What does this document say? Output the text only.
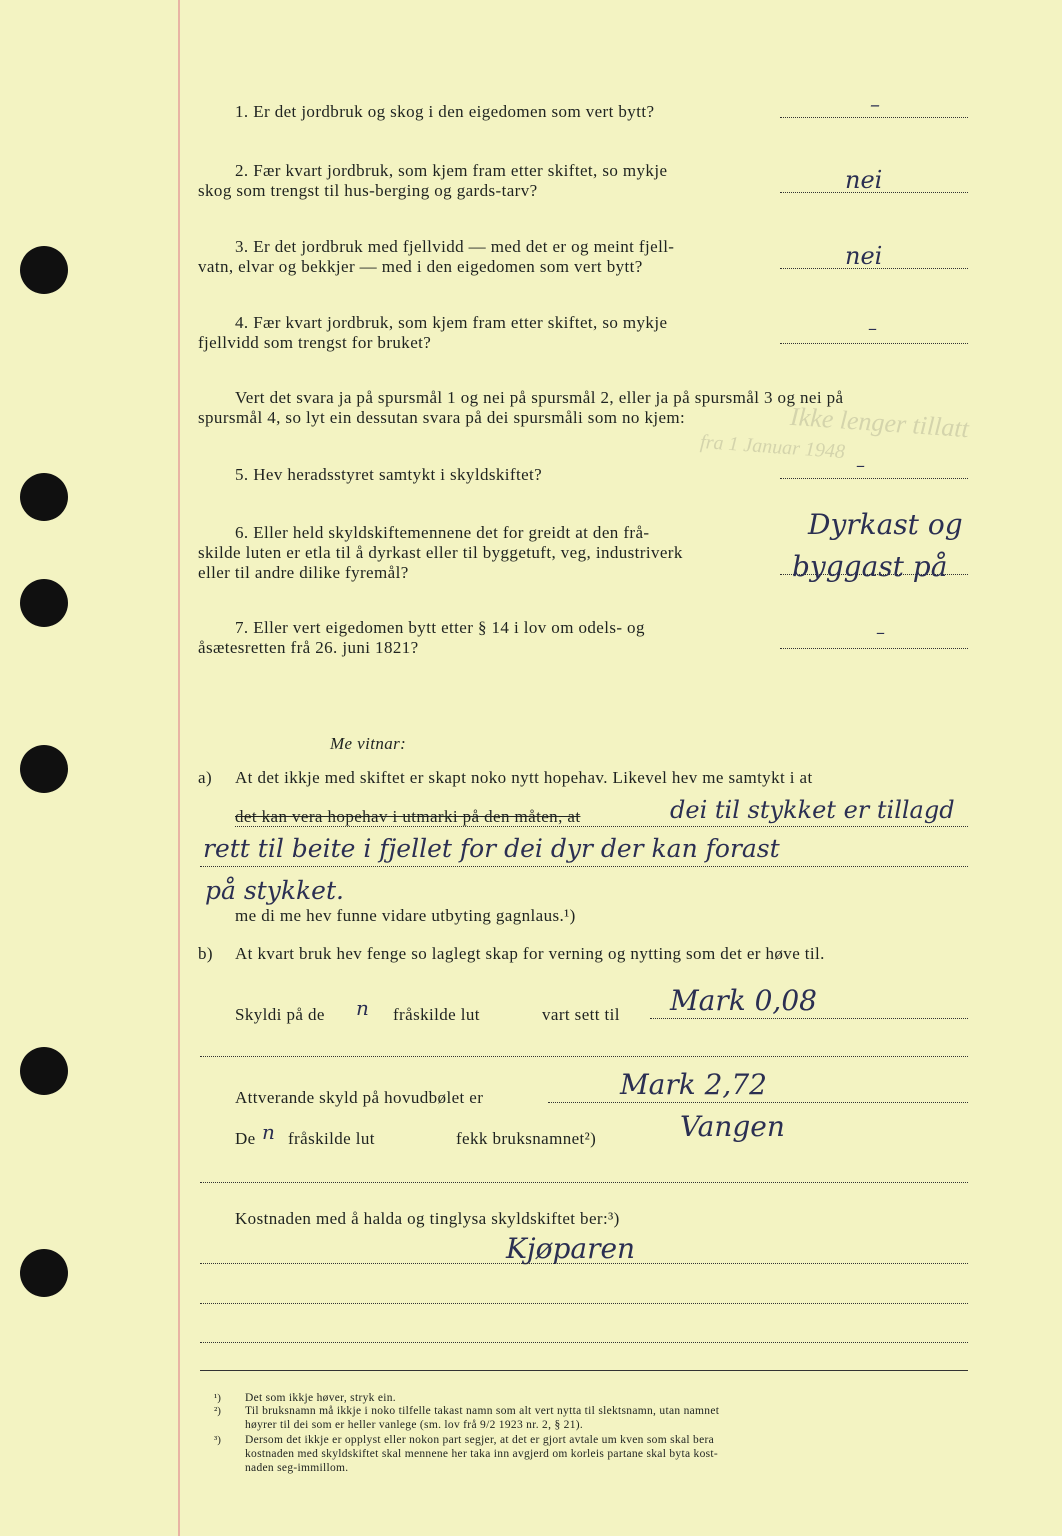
Ikke lenger tillatt
fra 1 Januar 1948
1. Er det jordbruk og skog i den eigedomen som vert bytt?	–
2. Fær kvart jordbruk, som kjem fram etter skiftet, so mykje
skog som trengst til hus-berging og gards-tarv?	nei
3. Er det jordbruk med fjellvidd — med det er og meint fjell-
vatn, elvar og bekkjer — med i den eigedomen som vert bytt?	nei
4. Fær kvart jordbruk, som kjem fram etter skiftet, so mykje
fjellvidd som trengst for bruket?
–
Vert det svara ja på spursmål 1 og nei på spursmål 2, eller ja på spursmål 3 og nei på
spursmål 4, so lyt ein dessutan svara på dei spursmåli som no kjem:
5. Hev heradsstyret samtykt i skyldskiftet?	–
6. Eller held skyldskiftemennene det for greidt at den frå-
skilde luten er etla til å dyrkast eller til byggetuft, veg, industriverk
eller til andre dilike fyremål?
Dyrkast og
byggast på
7. Eller vert eigedomen bytt etter § 14 i lov om odels- og
åsætesretten frå 26. juni 1821?
–
Me vitnar:
a) At det ikkje med skiftet er skapt noko nytt hopehav. Likevel hev me samtykt i at
det kan vera hopehav i utmarki på den måten, at	dei til stykket er tillagd
rett til beite i fjellet for dei dyr der kan forast
på stykket.
me di me hev funne vidare utbyting gagnlaus.¹)
b) At kvart bruk hev fenge so laglegt skap for verning og nytting som det er høve til.
Skyldi på de n fråskilde lut	vart sett til Mark 0,08
Attverande skyld på hovudbølet er	Mark 2,72
De n fråskilde lut	fekk bruksnamnet²)	Vangen
Kostnaden med å halda og tinglysa skyldskiftet ber:³)
Kjøparen
¹) Det som ikkje høver, stryk ein.
²) Til bruksnamn må ikkje i noko tilfelle takast namn som alt vert nytta til slektsnamn, utan namnet
høyrer til dei som er heller vanlege (sm. lov frå 9/2 1923 nr. 2, § 21).
³) Dersom det ikkje er opplyst eller nokon part segjer, at det er gjort avtale um kven som skal bera
kostnaden med skyldskiftet skal mennene her taka inn avgjerd om korleis partane skal byta kost-
naden seg-immillom.
